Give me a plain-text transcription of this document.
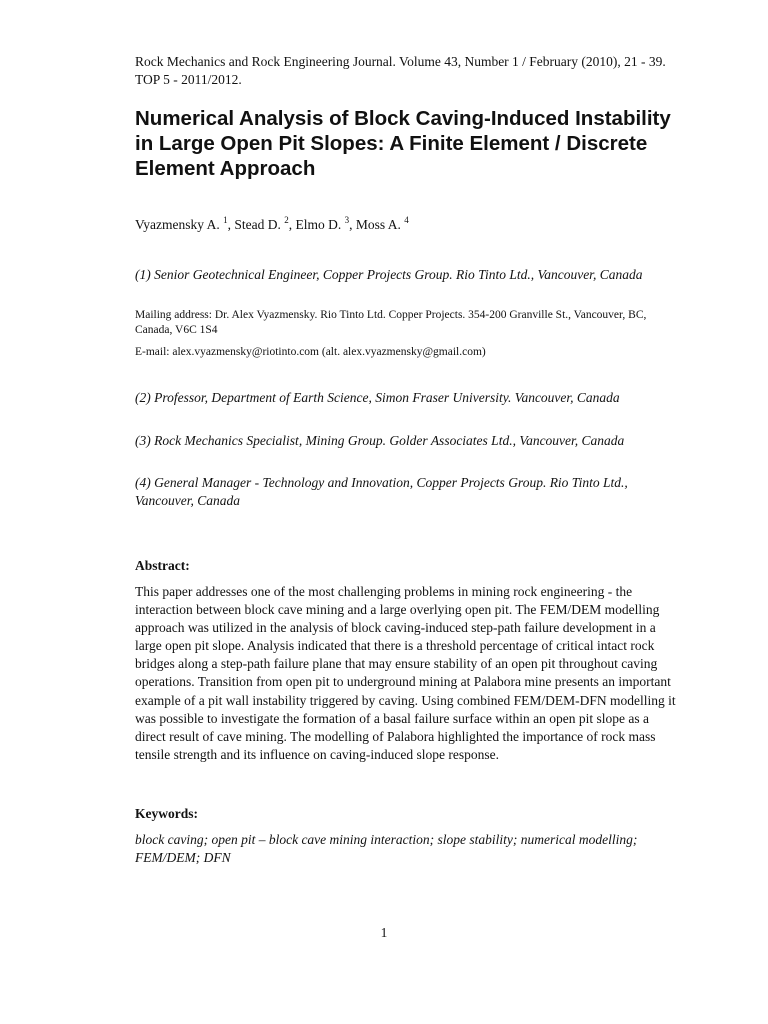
Rock Mechanics and Rock Engineering Journal. Volume 43, Number 1 / February (2010), 21 - 39. TOP 5 - 2011/2012.
Numerical Analysis of Block Caving-Induced Instability in Large Open Pit Slopes: A Finite Element / Discrete Element Approach
Vyazmensky A. $^1$, Stead D. $^2$, Elmo D. $^3$, Moss A. $^4$
(1) Senior Geotechnical Engineer, Copper Projects Group. Rio Tinto Ltd., Vancouver, Canada
Mailing address: Dr. Alex Vyazmensky. Rio Tinto Ltd. Copper Projects. 354-200 Granville St., Vancouver, BC, Canada, V6C 1S4
E-mail: alex.vyazmensky@riotinto.com (alt. alex.vyazmensky@gmail.com)
(2) Professor, Department of Earth Science, Simon Fraser University. Vancouver, Canada
(3) Rock Mechanics Specialist, Mining Group. Golder Associates Ltd., Vancouver, Canada
(4) General Manager - Technology and Innovation, Copper Projects Group. Rio Tinto Ltd., Vancouver, Canada
Abstract:
This paper addresses one of the most challenging problems in mining rock engineering - the interaction between block cave mining and a large overlying open pit. The FEM/DEM modelling approach was utilized in the analysis of block caving-induced step-path failure development in a large open pit slope. Analysis indicated that there is a threshold percentage of critical intact rock bridges along a step-path failure plane that may ensure stability of an open pit throughout caving operations. Transition from open pit to underground mining at Palabora mine presents an important example of a pit wall instability triggered by caving. Using combined FEM/DEM-DFN modelling it was possible to investigate the formation of a basal failure surface within an open pit slope as a direct result of cave mining. The modelling of Palabora highlighted the importance of rock mass tensile strength and its influence on caving-induced slope response.
Keywords:
block caving; open pit – block cave mining interaction; slope stability; numerical modelling; FEM/DEM; DFN
1
